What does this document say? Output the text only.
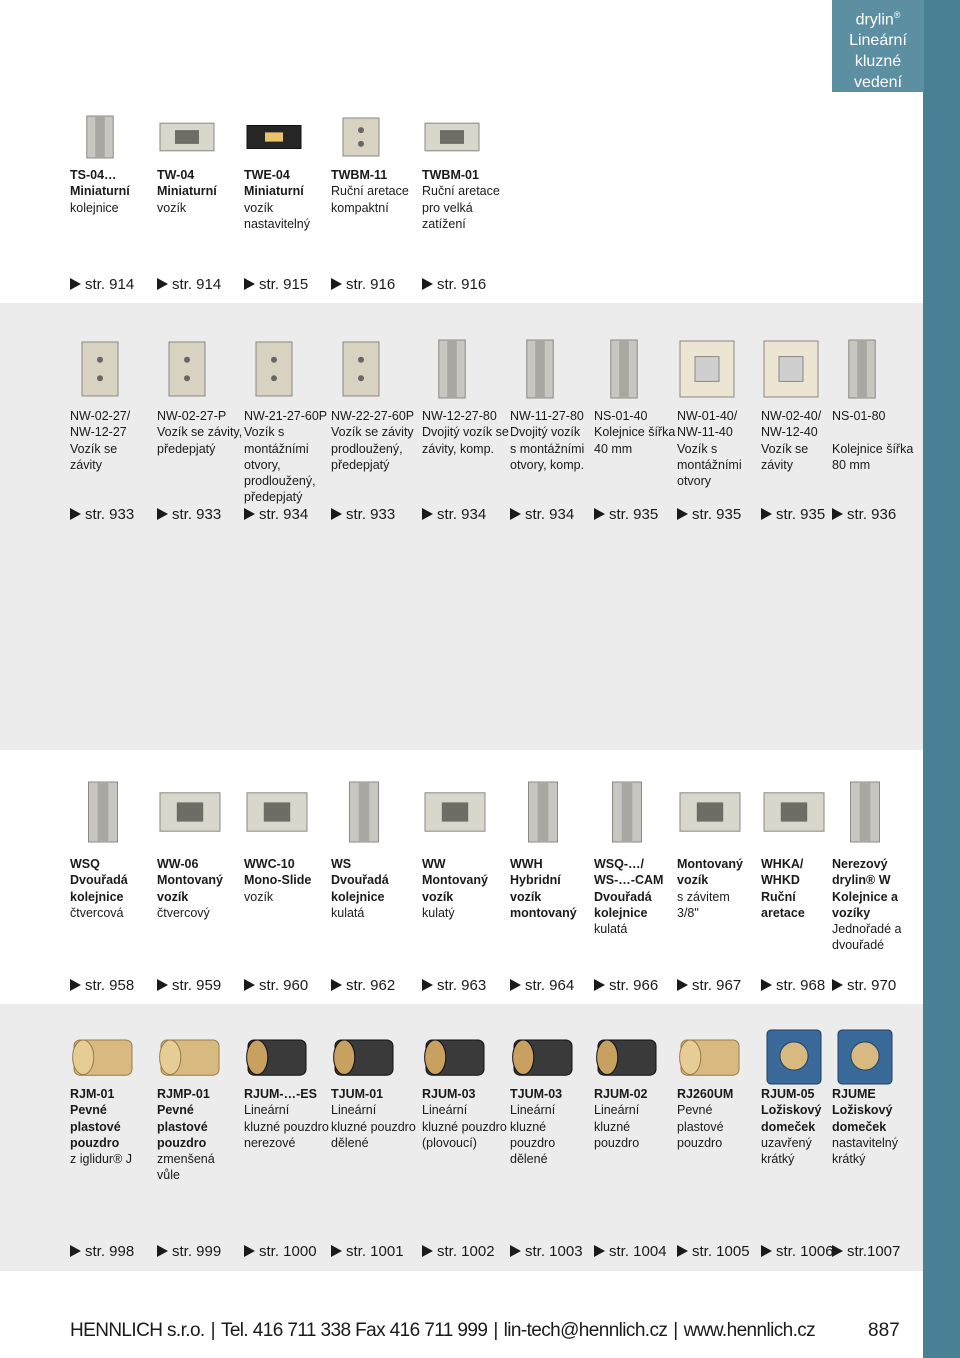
drylin®
Lineární
kluzné
vedení
TS-04…
Miniaturní
kolejnice
str. 914
TW-04
Miniaturní
vozík
str. 914
TWE-04
Miniaturní
vozík
nastavitelný
str. 915
TWBM-11
Ruční aretace
kompaktní
str. 916
TWBM-01
Ruční aretace
pro velká
zatížení
str. 916
NW-02-27/
NW-12-27
Vozík se
závity
str. 933
NW-02-27-P
Vozík se závity,
předepjatý
str. 933
NW-21-27-60P
Vozík s
montážními
otvory,
prodloužený,
předepjatý
str. 934
NW-22-27-60P
Vozík se závity
prodloužený,
předepjatý
str. 933
NW-12-27-80
Dvojitý vozík se
závity, komp.
str. 934
NW-11-27-80
Dvojitý vozík
s montážními
otvory, komp.
str. 934
NS-01-40
Kolejnice šířka
40 mm
str. 935
NW-01-40/
NW-11-40
Vozík s
montážními
otvory
str. 935
NW-02-40/
NW-12-40
Vozík se
závity
str. 935
NS-01-80

Kolejnice šířka
80 mm
str. 936
WSQ
Dvouřadá
kolejnice
čtvercová
str. 958
WW-06
Montovaný
vozík
čtvercový
str. 959
WWC-10
Mono-Slide
vozík
str. 960
WS
Dvouřadá
kolejnice
kulatá
str. 962
WW
Montovaný
vozík
kulatý
str. 963
WWH
Hybridní
vozík
montovaný
str. 964
WSQ-…/
WS-…-CAM
Dvouřadá
kolejnice
kulatá
str. 966
Montovaný
vozík
s závitem
3/8"
str. 967
WHKA/
WHKD
Ruční
aretace
str. 968
Nerezový
drylin® W
Kolejnice a
vozíky
Jednořadé a
dvouřadé
str. 970
RJM-01
Pevné
plastové
pouzdro
z iglidur® J
str. 998
RJMP-01
Pevné
plastové
pouzdro
zmenšená
vůle
str. 999
RJUM-…-ES
Lineární
kluzné pouzdro
nerezové
str. 1000
TJUM-01
Lineární
kluzné pouzdro
dělené
str. 1001
RJUM-03
Lineární
kluzné pouzdro
(plovoucí)
str. 1002
TJUM-03
Lineární
kluzné
pouzdro
dělené
str. 1003
RJUM-02
Lineární
kluzné
pouzdro
str. 1004
RJ260UM
Pevné
plastové
pouzdro
str. 1005
RJUM-05
Ložiskový
domeček
uzavřený
krátký
str. 1006
RJUME
Ložiskový
domeček
nastavitelný
krátký
str.1007
HENNLICH s.r.o. | Tel. 416 711 338 Fax 416 711 999 | lin-tech@hennlich.cz | www.hennlich.cz	887
